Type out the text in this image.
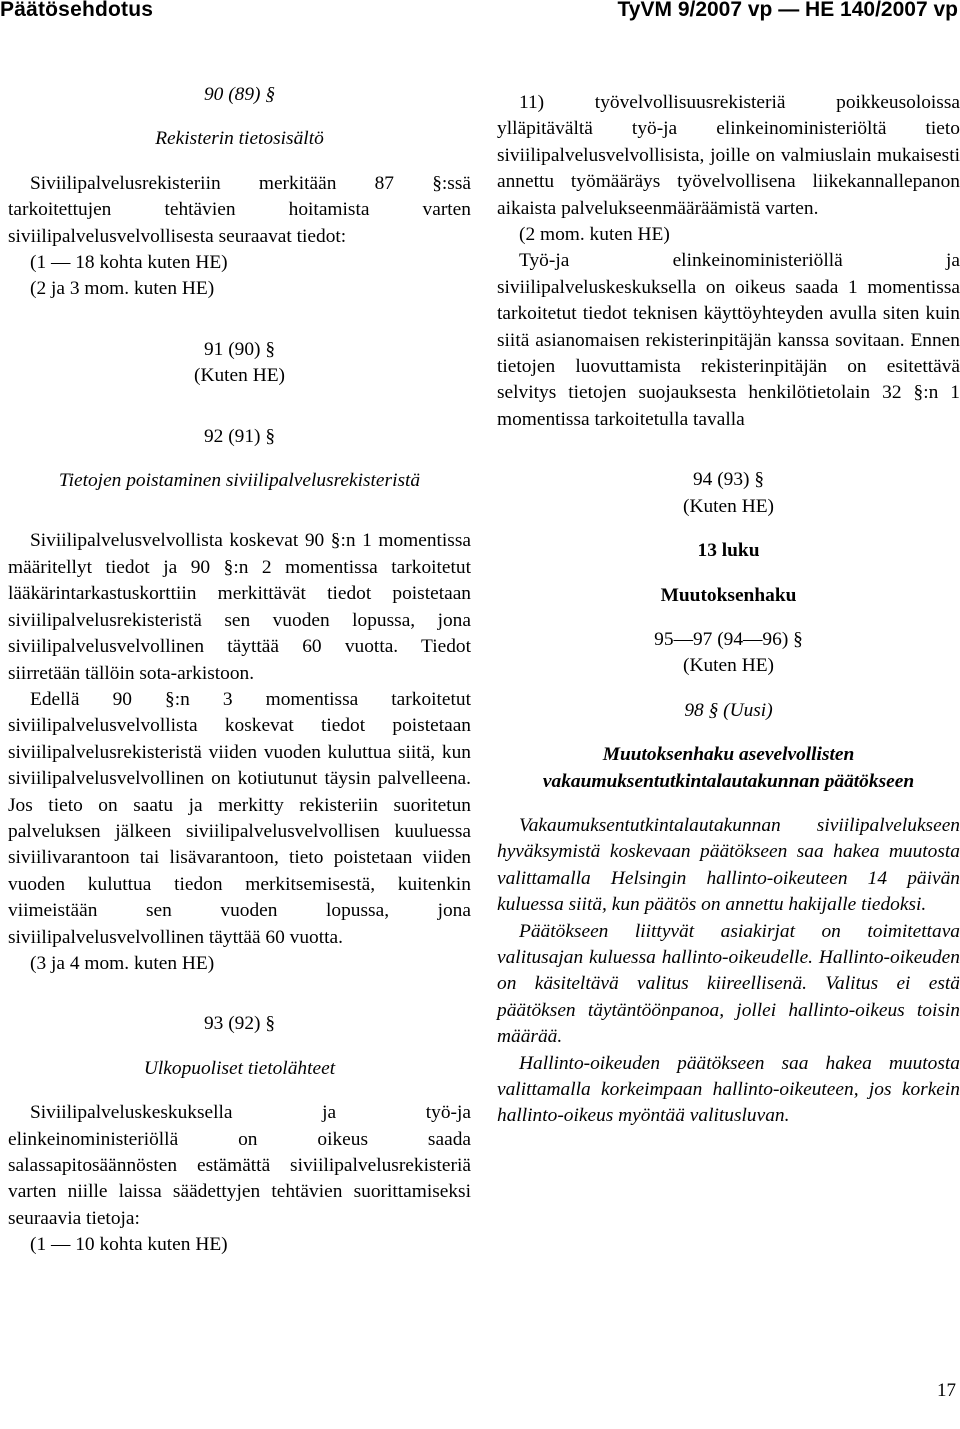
Päätösehdotus	TyVM 9/2007 vp — HE 140/2007 vp

90 (89) §

Rekisterin tietosisältö

Siviilipalvelusrekisteriin merkitään 87 §:ssä tarkoitettujen tehtävien hoitamista varten siviilipalvelusvelvollisesta seuraavat tiedot:

(1 — 18 kohta kuten HE)

(2 ja 3 mom. kuten HE)

91 (90) §

(Kuten HE)

92 (91) §

Tietojen poistaminen siviilipalvelusrekisteristä

Siviilipalvelusvelvollista koskevat 90 §:n 1 momentissa määritellyt tiedot ja 90 §:n 2 momentissa tarkoitetut lääkärintarkastuskorttiin merkittävät tiedot poistetaan siviilipalvelusrekisteristä sen vuoden lopussa, jona siviilipalvelusvelvollinen täyttää 60 vuotta. Tiedot siirretään tällöin sota-arkistoon.

Edellä 90 §:n 3 momentissa tarkoitetut siviilipalvelusvelvollista koskevat tiedot poistetaan siviilipalvelusrekisteristä viiden vuoden kuluttua siitä, kun siviilipalvelusvelvollinen on kotiutunut täysin palvelleena. Jos tieto on saatu ja merkitty rekisteriin suoritetun palveluksen jälkeen siviilipalvelusvelvollisen kuuluessa siviilivarantoon tai lisävarantoon, tieto poistetaan viiden vuoden kuluttua tiedon merkitsemisestä, kuitenkin viimeistään sen vuoden lopussa, jona siviilipalvelusvelvollinen täyttää 60 vuotta.

(3 ja 4 mom. kuten HE)

93 (92) §

Ulkopuoliset tietolähteet

Siviilipalveluskeskuksella ja työ-ja elinkeinoministeriöllä on oikeus saada salassapitosäännösten estämättä siviilipalvelusrekisteriä varten niille laissa säädettyjen tehtävien suorittamiseksi seuraavia tietoja:

(1 — 10 kohta kuten HE)

11) työvelvollisuusrekisteriä poikkeusoloissa ylläpitävältä työ-ja elinkeinoministeriöltä tieto siviilipalvelusvelvollisista, joille on valmiuslain mukaisesti annettu työmääräys työvelvollisena liikekannallepanon aikaista palvelukseenmääräämistä varten.

(2 mom. kuten HE)

Työ-ja elinkeinoministeriöllä ja siviilipalveluskeskuksella on oikeus saada 1 momentissa tarkoitetut tiedot teknisen käyttöyhteyden avulla siten kuin siitä asianomaisen rekisterinpitäjän kanssa sovitaan. Ennen tietojen luovuttamista rekisterinpitäjän on esitettävä selvitys tietojen suojauksesta henkilötietolain 32 §:n 1 momentissa tarkoitetulla tavalla

94 (93) §

(Kuten HE)

13 luku

Muutoksenhaku

95—97 (94—96) §

(Kuten HE)

98 § (Uusi)

Muutoksenhaku asevelvollisten vakaumuksentutkintalautakunnan päätökseen

Vakaumuksentutkintalautakunnan siviilipalvelukseen hyväksymistä koskevaan päätökseen saa hakea muutosta valittamalla Helsingin hallinto-oikeuteen 14 päivän kuluessa siitä, kun päätös on annettu hakijalle tiedoksi.

Päätökseen liittyvät asiakirjat on toimitettava valitusajan kuluessa hallinto-oikeudelle. Hallinto-oikeuden on käsiteltävä valitus kiireellisenä. Valitus ei estä päätöksen täytäntöönpanoa, jollei hallinto-oikeus toisin määrää.

Hallinto-oikeuden päätökseen saa hakea muutosta valittamalla korkeimpaan hallinto-oikeuteen, jos korkein hallinto-oikeus myöntää valitusluvan.

17
